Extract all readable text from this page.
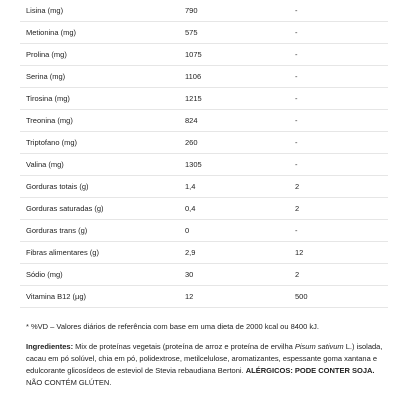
Lisina (mg)	790	-
Metionina (mg)	575	-
Prolina (mg)	1075	-
Serina (mg)	1106	-
Tirosina (mg)	1215	-
Treonina (mg)	824	-
Triptofano (mg)	260	-
Valina (mg)	1305	-
Gorduras totais (g)	1,4	2
Gorduras saturadas (g)	0,4	2
Gorduras trans (g)	0	-
Fibras alimentares (g)	2,9	12
Sódio (mg)	30	2
Vitamina B12 (µg)	12	500
* %VD – Valores diários de referência com base em uma dieta de 2000 kcal ou 8400 kJ.
Ingredientes: Mix de proteínas vegetais (proteína de arroz e proteína de ervilha Pisum sativum L.) isolada, cacau em pó solúvel, chia em pó, polidextrose, metilcelulose, aromatizantes, espessante goma xantana e edulcorante glicosídeos de esteviol de Stevia rebaudiana Bertoni. ALÉRGICOS: PODE CONTER SOJA. NÃO CONTÉM GLÚTEN.
